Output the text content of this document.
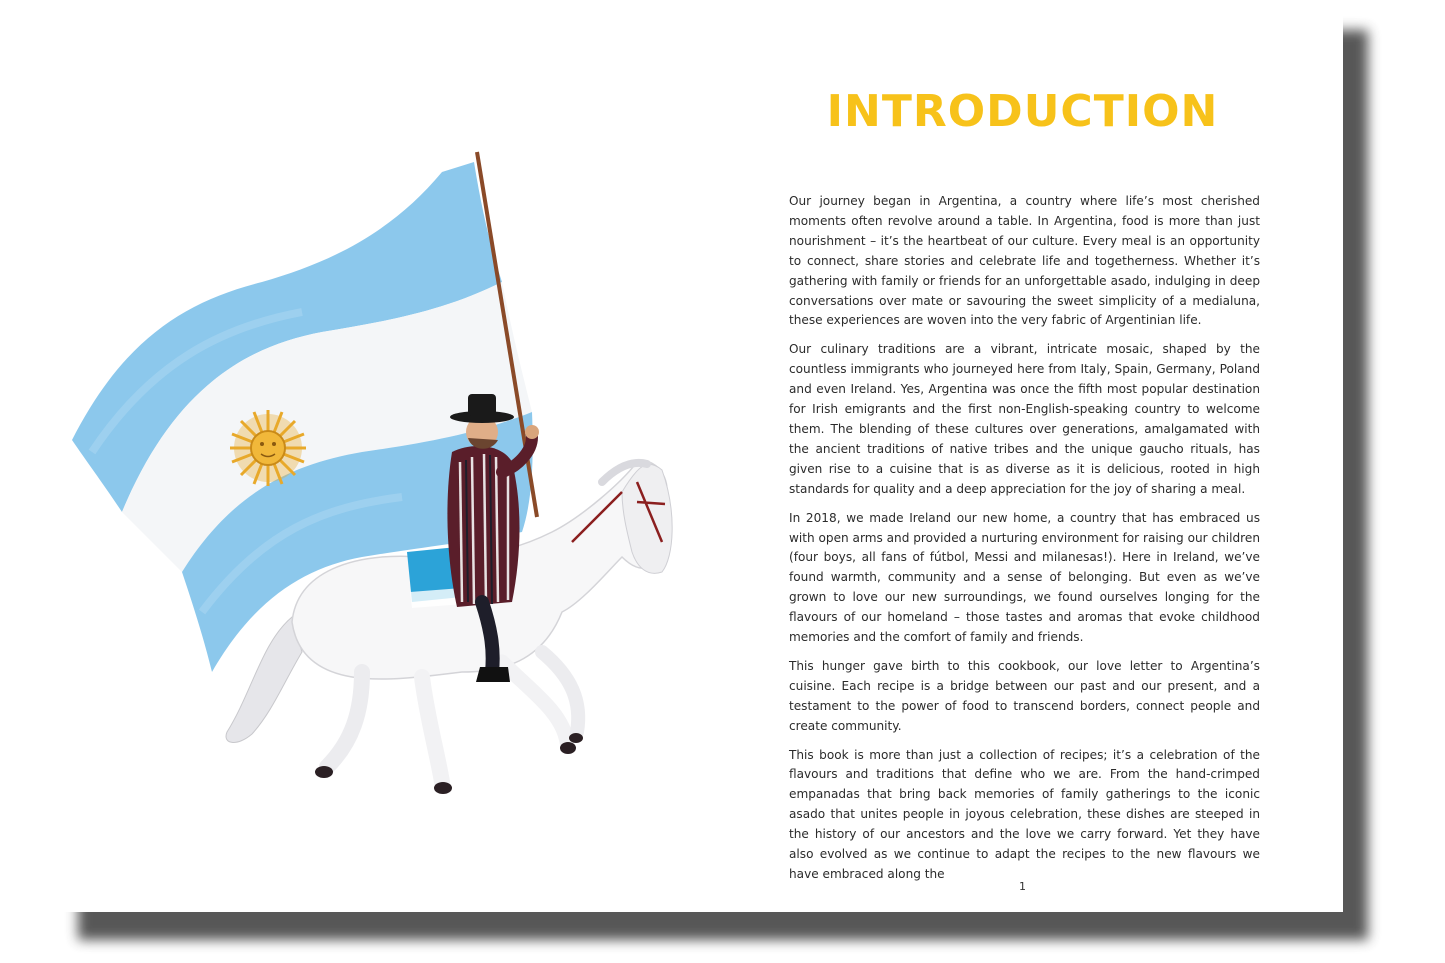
INTRODUCTION

Our journey began in Argentina, a country where life’s most cherished moments often revolve around a table. In Argentina, food is more than just nourishment – it’s the heartbeat of our culture. Every meal is an opportunity to connect, share stories and celebrate life and togetherness. Whether it’s gathering with family or friends for an unforgettable asado, indulging in deep conversations over mate or savouring the sweet simplicity of a medialuna, these experiences are woven into the very fabric of Argentinian life.

Our culinary traditions are a vibrant, intricate mosaic, shaped by the countless immigrants who journeyed here from Italy, Spain, Germany, Poland and even Ireland. Yes, Argentina was once the fifth most popular destination for Irish emigrants and the first non-English-speaking country to welcome them. The blending of these cultures over generations, amalgamated with the ancient traditions of native tribes and the unique gaucho rituals, has given rise to a cuisine that is as diverse as it is delicious, rooted in high standards for quality and a deep appreciation for the joy of sharing a meal.

In 2018, we made Ireland our new home, a country that has embraced us with open arms and provided a nurturing environment for raising our children (four boys, all fans of fútbol, Messi and milanesas!). Here in Ireland, we’ve found warmth, community and a sense of belonging. But even as we’ve grown to love our new surroundings, we found ourselves longing for the flavours of our homeland – those tastes and aromas that evoke childhood memories and the comfort of family and friends.

This hunger gave birth to this cookbook, our love letter to Argentina’s cuisine. Each recipe is a bridge between our past and our present, and a testament to the power of food to transcend borders, connect people and create community.

This book is more than just a collection of recipes; it’s a celebration of the flavours and traditions that define who we are. From the hand-crimped empanadas that bring back memories of family gatherings to the iconic asado that unites people in joyous celebration, these dishes are steeped in the history of our ancestors and the love we carry forward. Yet they have also evolved as we continue to adapt the recipes to the new flavours we have embraced along the

1
